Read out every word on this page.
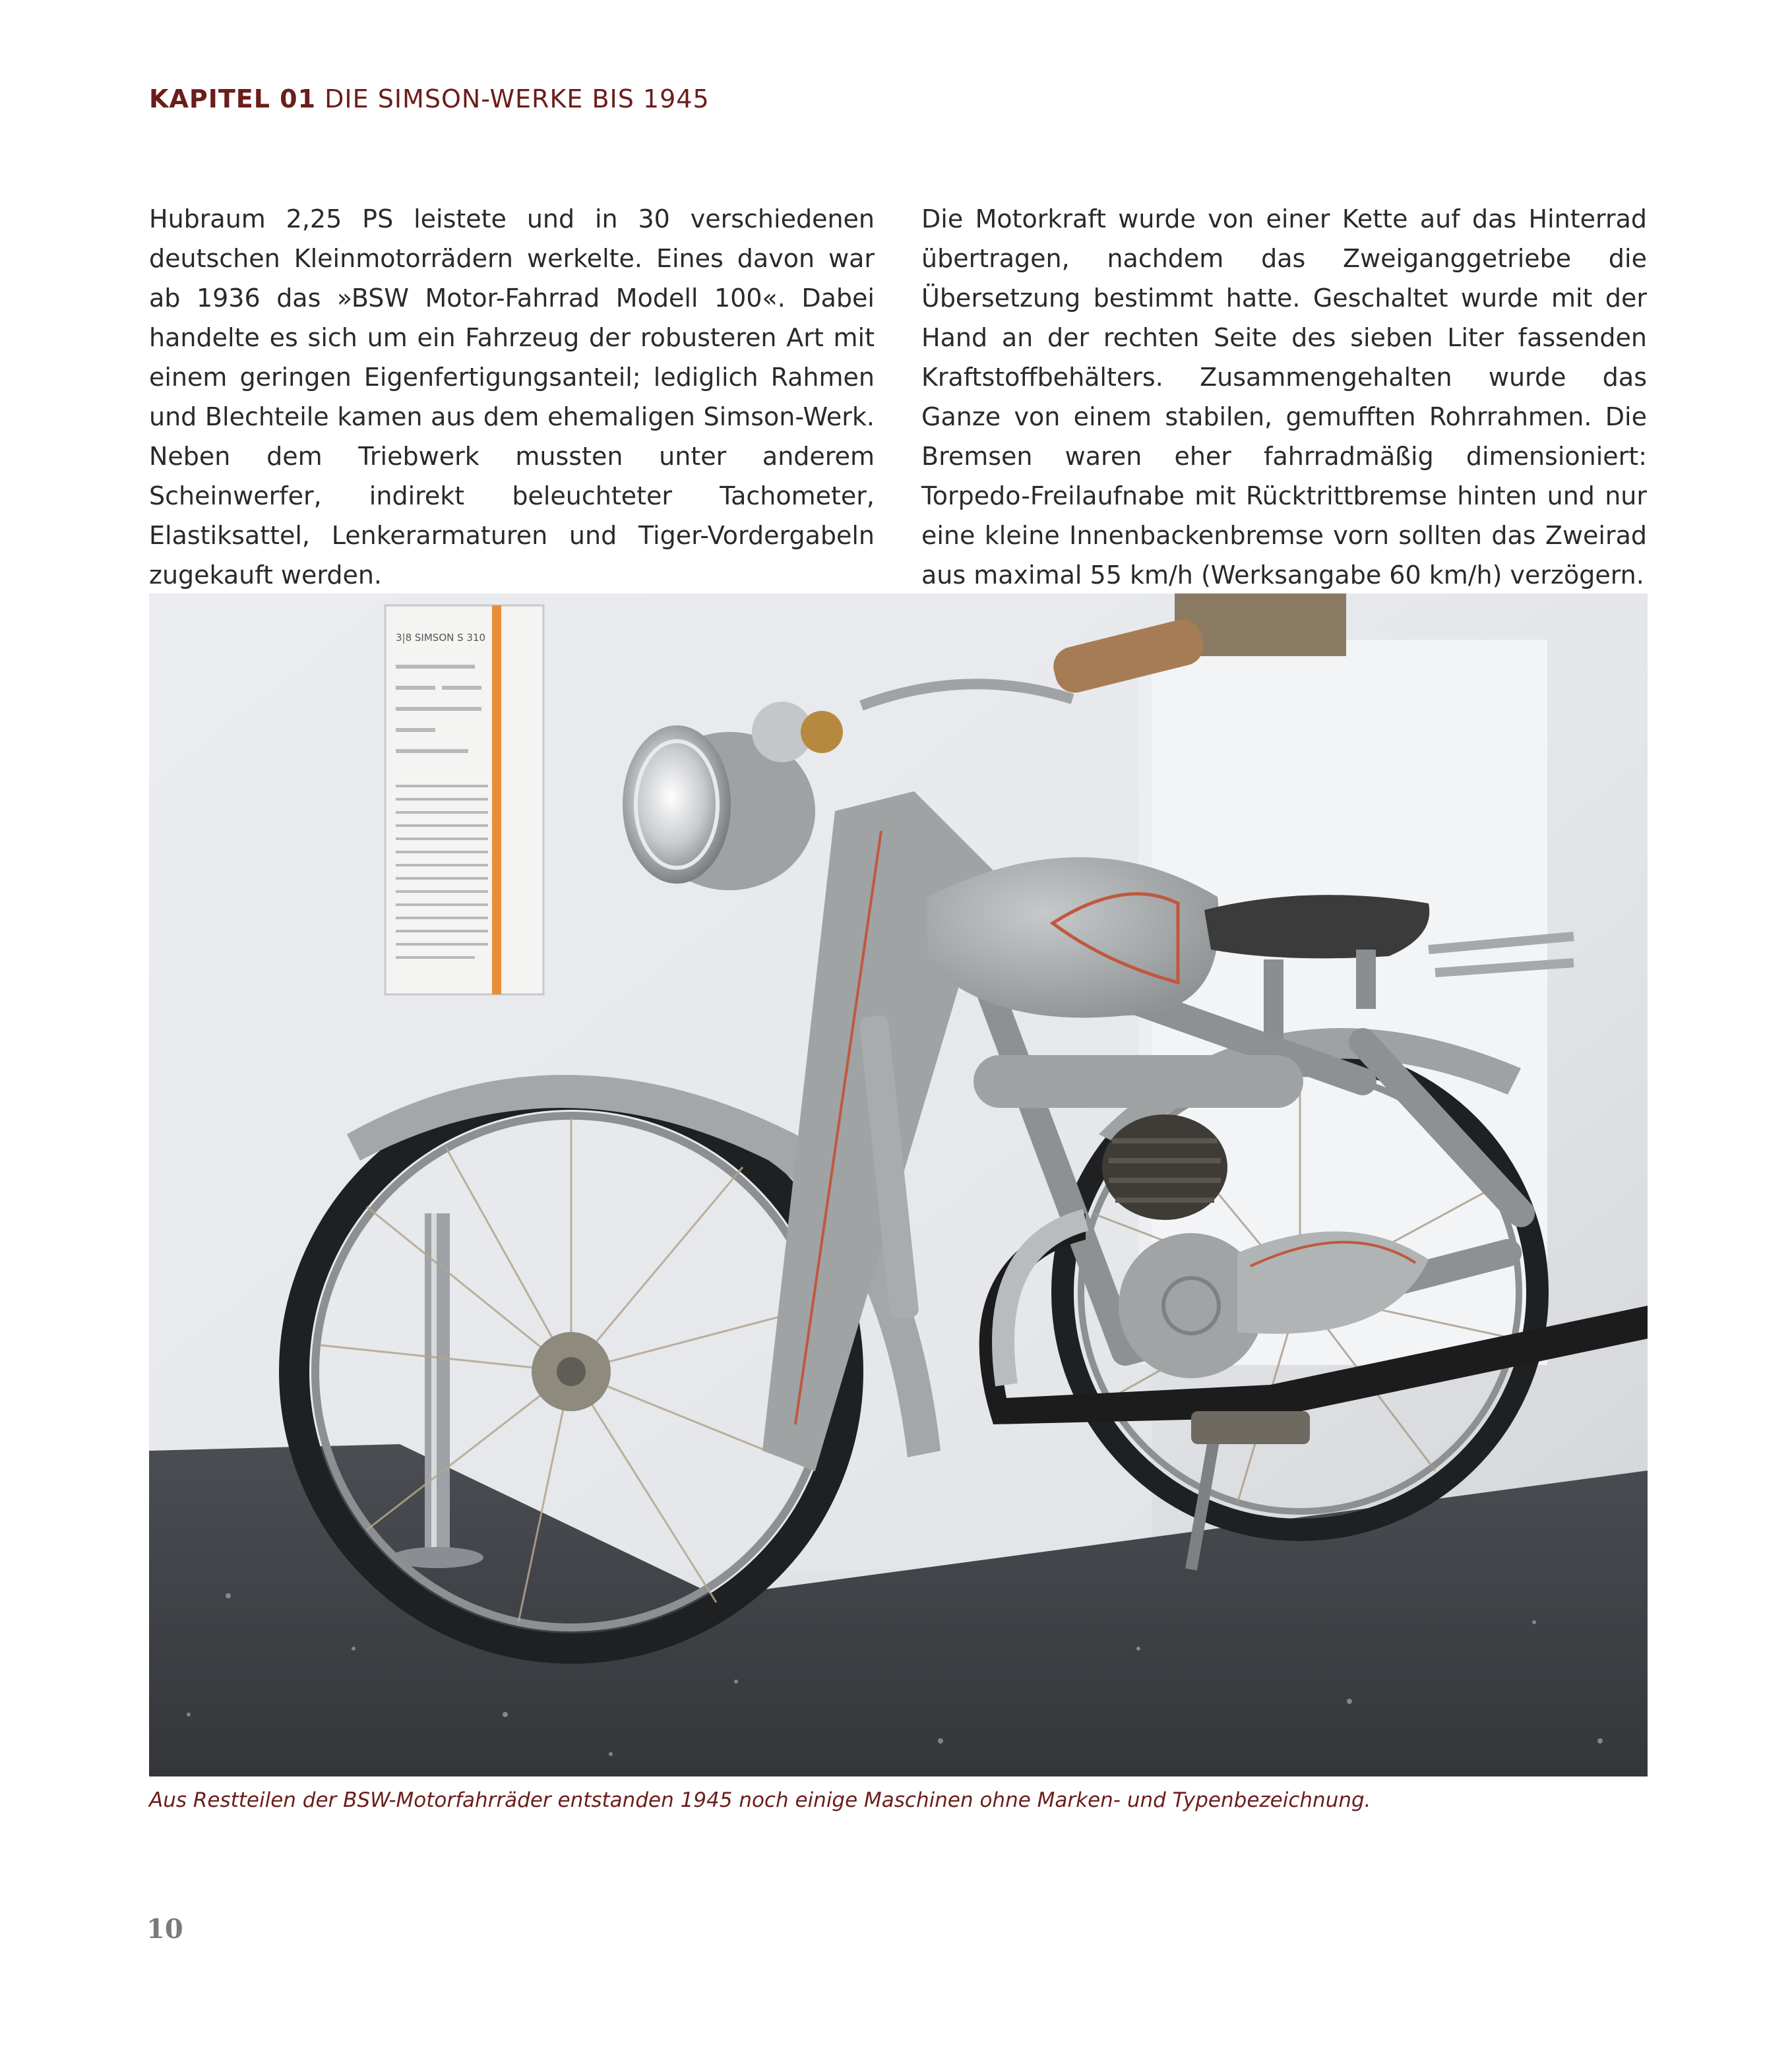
KAPITEL 01 DIE SIMSON-WERKE BIS 1945
Hubraum 2,25 PS leistete und in 30 verschiedenen deutschen Kleinmotorrädern werkelte. Eines davon war ab 1936 das »BSW Motor-Fahrrad Modell 100«. Dabei handelte es sich um ein Fahrzeug der robusteren Art mit einem geringen Eigenfertigungsanteil; lediglich Rahmen und Blechteile kamen aus dem ehemaligen Simson-Werk. Neben dem Triebwerk mussten unter anderem Scheinwerfer, indirekt beleuchteter Tachometer, Elastiksattel, Lenkerarmaturen und Tiger-Vordergabeln zugekauft werden.
Die Motorkraft wurde von einer Kette auf das Hinterrad übertragen, nachdem das Zweiganggetriebe die Übersetzung bestimmt hatte. Geschaltet wurde mit der Hand an der rechten Seite des sieben Liter fassenden Kraftstoffbehälters. Zusammengehalten wurde das Ganze von einem stabilen, gemufften Rohrrahmen. Die Bremsen waren eher fahrradmäßig dimensioniert: Torpedo-Freilaufnabe mit Rücktrittbremse hinten und nur eine kleine Innenbackenbremse vorn sollten das Zweirad aus maximal 55 km/h (Werksangabe 60 km/h) verzögern.
3|8 SIMSON S 310
Aus Restteilen der BSW-Motorfahrräder entstanden 1945 noch einige Maschinen ohne Marken- und Typenbezeichnung.
10
